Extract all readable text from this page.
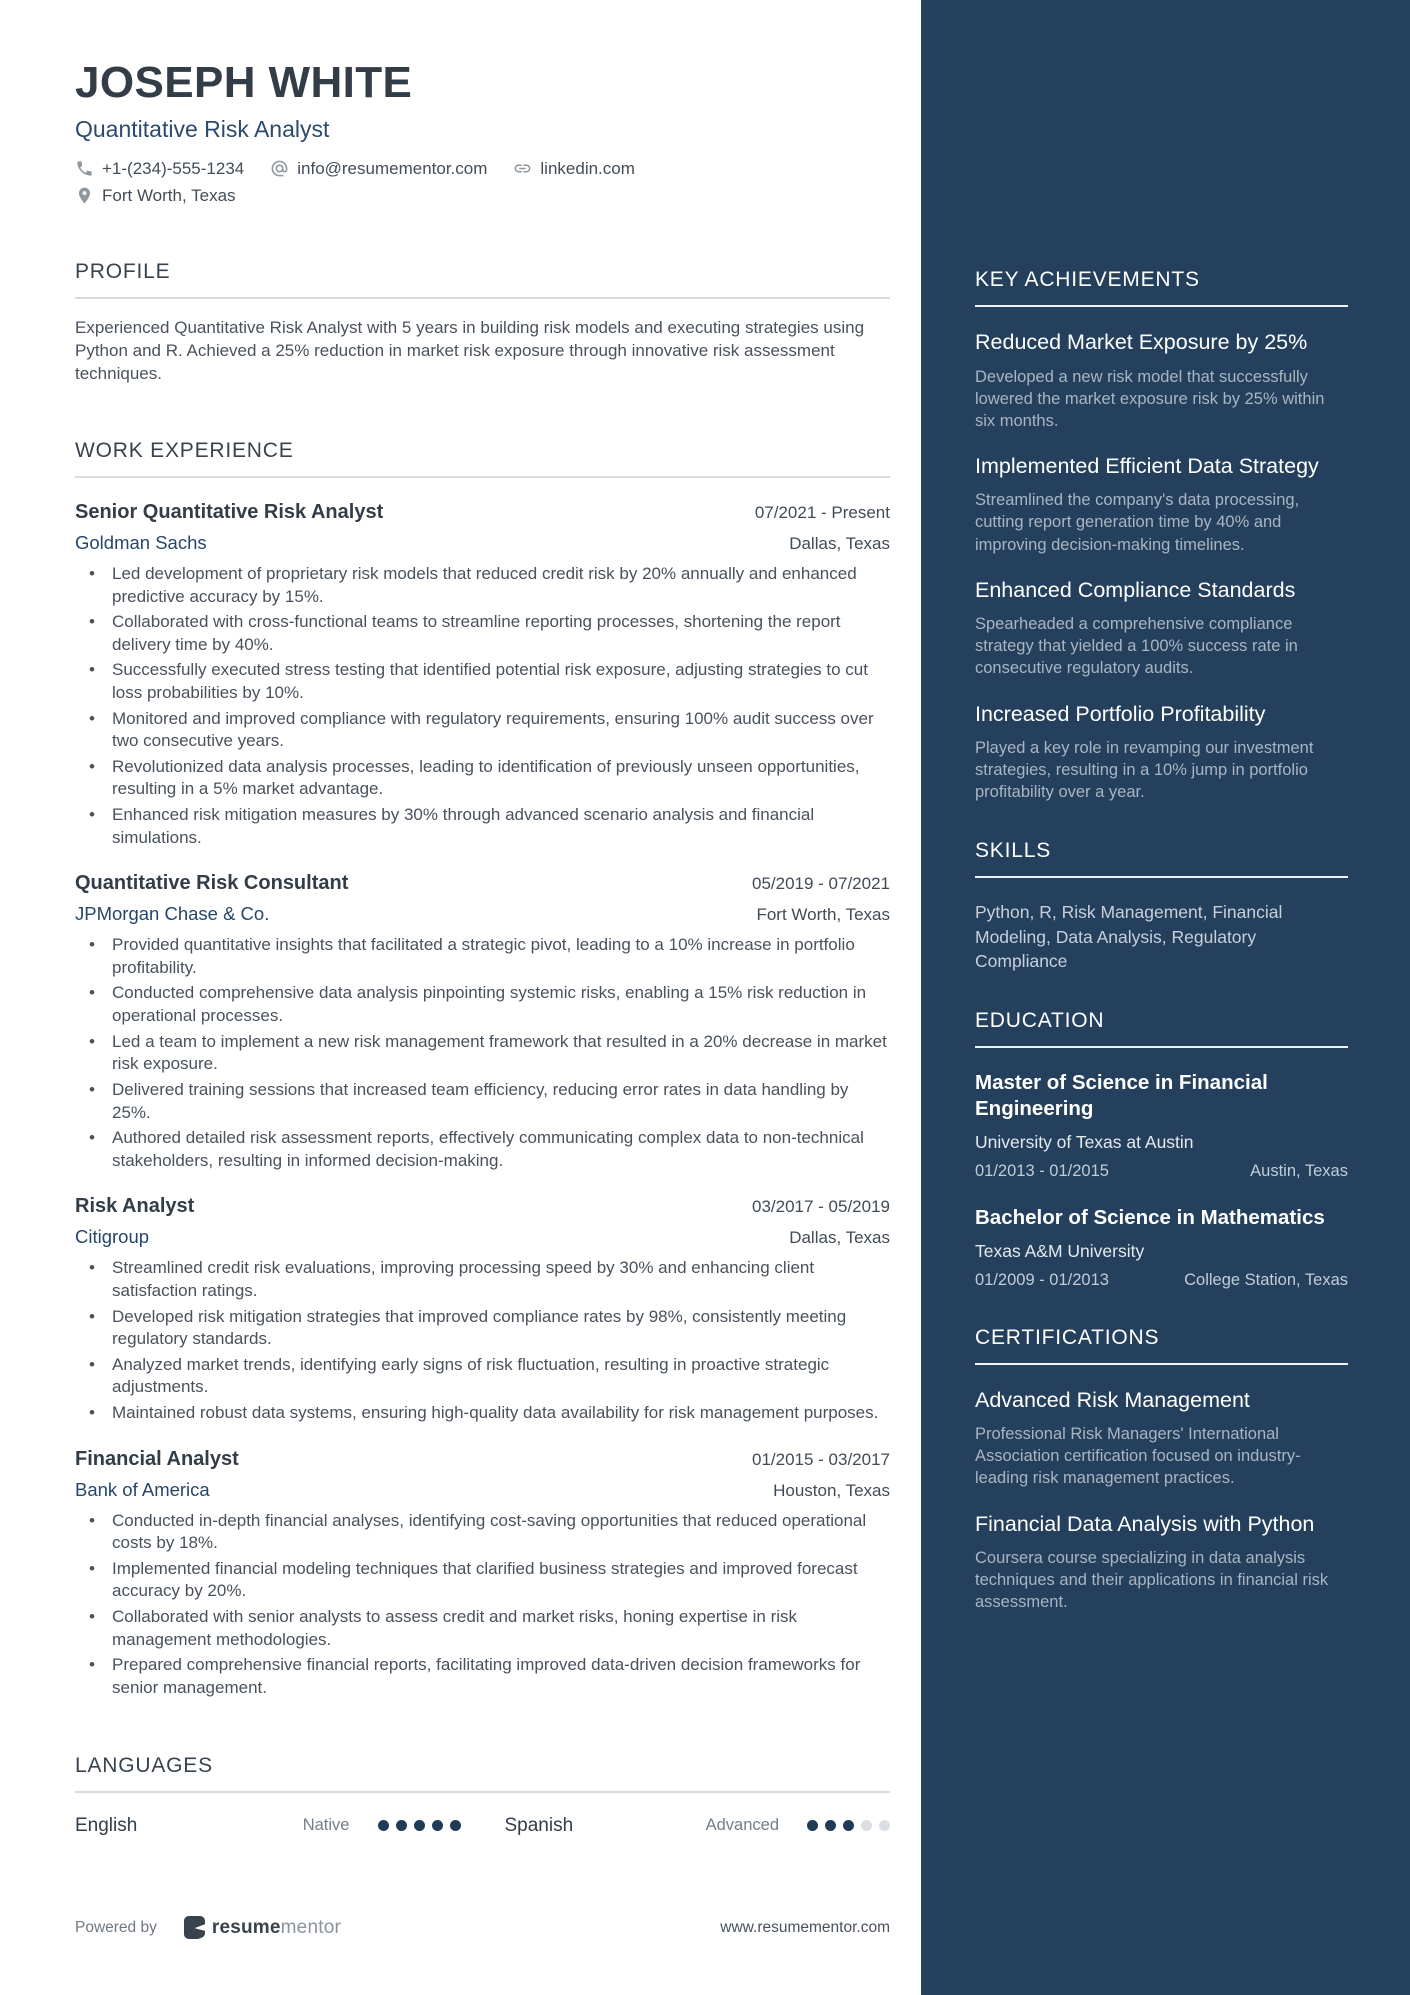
JOSEPH WHITE
Quantitative Risk Analyst
+1-(234)-555-1234	info@resumementor.com	linkedin.com
Fort Worth, Texas
PROFILE
Experienced Quantitative Risk Analyst with 5 years in building risk models and executing strategies using Python and R. Achieved a 25% reduction in market risk exposure through innovative risk assessment techniques.
WORK EXPERIENCE
Senior Quantitative Risk Analyst	07/2021 - Present
Goldman Sachs	Dallas, Texas
• Led development of proprietary risk models that reduced credit risk by 20% annually and enhanced predictive accuracy by 15%.
• Collaborated with cross-functional teams to streamline reporting processes, shortening the report delivery time by 40%.
• Successfully executed stress testing that identified potential risk exposure, adjusting strategies to cut loss probabilities by 10%.
• Monitored and improved compliance with regulatory requirements, ensuring 100% audit success over two consecutive years.
• Revolutionized data analysis processes, leading to identification of previously unseen opportunities, resulting in a 5% market advantage.
• Enhanced risk mitigation measures by 30% through advanced scenario analysis and financial simulations.
Quantitative Risk Consultant	05/2019 - 07/2021
JPMorgan Chase & Co.	Fort Worth, Texas
• Provided quantitative insights that facilitated a strategic pivot, leading to a 10% increase in portfolio profitability.
• Conducted comprehensive data analysis pinpointing systemic risks, enabling a 15% risk reduction in operational processes.
• Led a team to implement a new risk management framework that resulted in a 20% decrease in market risk exposure.
• Delivered training sessions that increased team efficiency, reducing error rates in data handling by 25%.
• Authored detailed risk assessment reports, effectively communicating complex data to non-technical stakeholders, resulting in informed decision-making.
Risk Analyst	03/2017 - 05/2019
Citigroup	Dallas, Texas
• Streamlined credit risk evaluations, improving processing speed by 30% and enhancing client satisfaction ratings.
• Developed risk mitigation strategies that improved compliance rates by 98%, consistently meeting regulatory standards.
• Analyzed market trends, identifying early signs of risk fluctuation, resulting in proactive strategic adjustments.
• Maintained robust data systems, ensuring high-quality data availability for risk management purposes.
Financial Analyst	01/2015 - 03/2017
Bank of America	Houston, Texas
• Conducted in-depth financial analyses, identifying cost-saving opportunities that reduced operational costs by 18%.
• Implemented financial modeling techniques that clarified business strategies and improved forecast accuracy by 20%.
• Collaborated with senior analysts to assess credit and market risks, honing expertise in risk management methodologies.
• Prepared comprehensive financial reports, facilitating improved data-driven decision frameworks for senior management.
LANGUAGES
English	Native	Spanish	Advanced
KEY ACHIEVEMENTS
Reduced Market Exposure by 25%
Developed a new risk model that successfully lowered the market exposure risk by 25% within six months.
Implemented Efficient Data Strategy
Streamlined the company's data processing, cutting report generation time by 40% and improving decision-making timelines.
Enhanced Compliance Standards
Spearheaded a comprehensive compliance strategy that yielded a 100% success rate in consecutive regulatory audits.
Increased Portfolio Profitability
Played a key role in revamping our investment strategies, resulting in a 10% jump in portfolio profitability over a year.
SKILLS
Python, R, Risk Management, Financial Modeling, Data Analysis, Regulatory Compliance
EDUCATION
Master of Science in Financial Engineering
University of Texas at Austin
01/2013 - 01/2015	Austin, Texas
Bachelor of Science in Mathematics
Texas A&M University
01/2009 - 01/2013	College Station, Texas
CERTIFICATIONS
Advanced Risk Management
Professional Risk Managers' International Association certification focused on industry-leading risk management practices.
Financial Data Analysis with Python
Coursera course specializing in data analysis techniques and their applications in financial risk assessment.
Powered by	resumementor	www.resumementor.com
